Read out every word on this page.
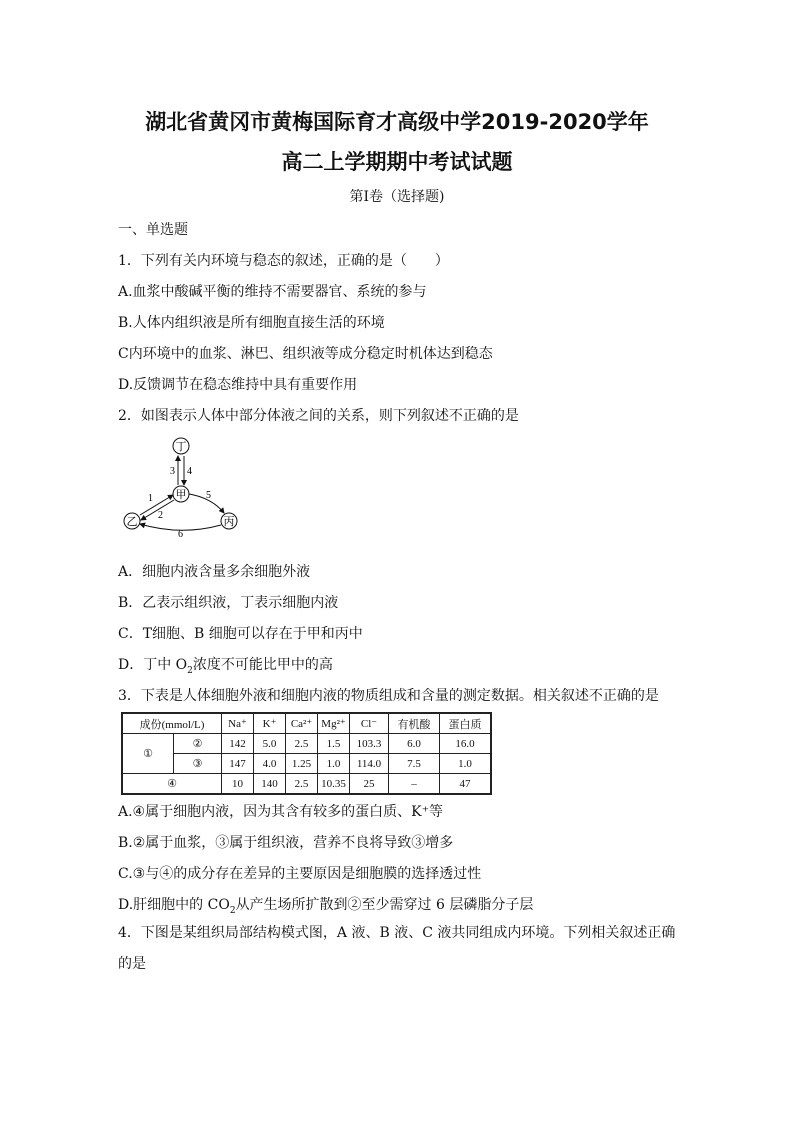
湖北省黄冈市黄梅国际育才高级中学2019-2020学年
高二上学期期中考试试题
第I卷（选择题)
一、单选题
1．下列有关内环境与稳态的叙述，正确的是（　　）
A.血浆中酸碱平衡的维持不需要器官、系统的参与
B.人体内组织液是所有细胞直接生活的环境
C内环境中的血浆、淋巴、组织液等成分稳定时机体达到稳态
D.反馈调节在稳态维持中具有重要作用
2．如图表示人体中部分体液之间的关系，则下列叙述不正确的是
丁
甲
乙	丙
3 4
1
2
5
6
A．细胞内液含量多余细胞外液
B．乙表示组织液，丁表示细胞内液
C．T细胞、B 细胞可以存在于甲和丙中
D．丁中 $O_2$浓度不可能比甲中的高
3．下表是人体细胞外液和细胞内液的物质组成和含量的测定数据。相关叙述不正确的是
成份(mmol/L)		Na⁺	K⁺	Ca²⁺	Mg²⁺	Cl⁻	有机酸	蛋白质
①	②	142	5.0	2.5	1.5	103.3	6.0	16.0
	③	147	4.0	1.25	1.0	114.0	7.5	1.0
④		10	140	2.5	10.35	25	–	47
A.④属于细胞内液，因为其含有较多的蛋白质、K⁺等
B.②属于血浆，③属于组织液，营养不良将导致③增多
C.③与④的成分存在差异的主要原因是细胞膜的选择透过性
D.肝细胞中的 $CO_2$从产生场所扩散到②至少需穿过 6 层磷脂分子层
4．下图是某组织局部结构模式图，A 液、B 液、C 液共同组成内环境。下列相关叙述正确的是
